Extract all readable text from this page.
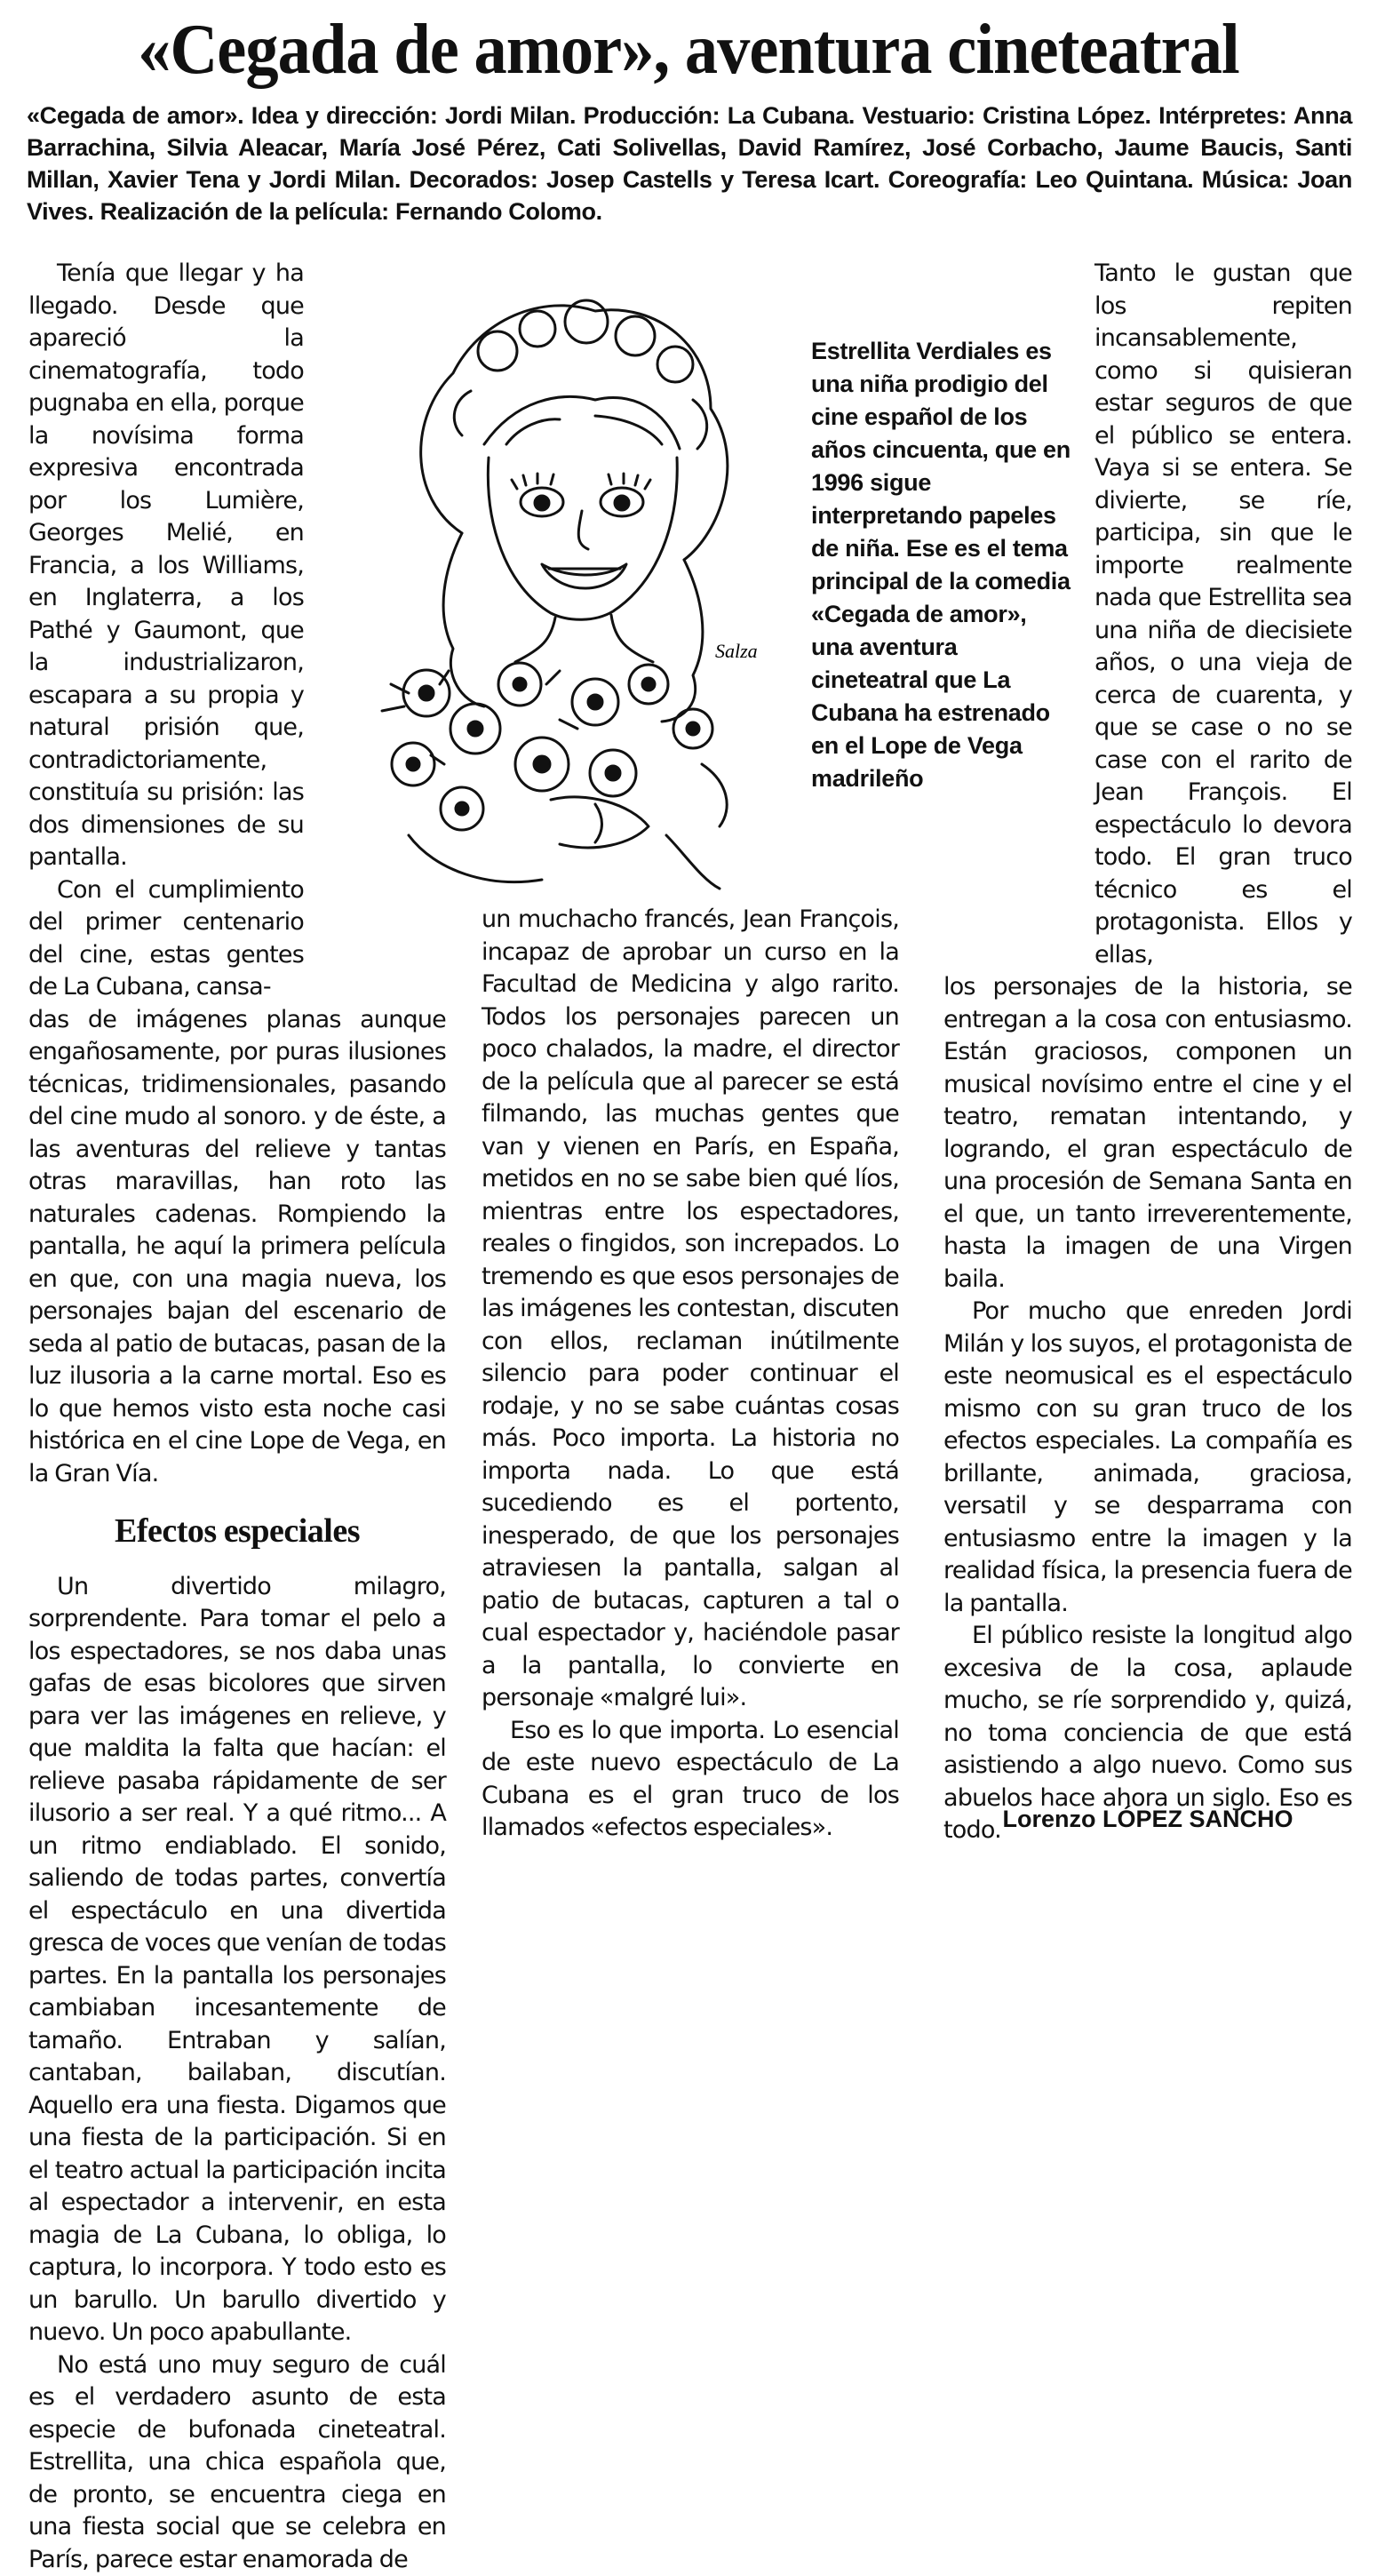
«Cegada de amor», aventura cineteatral
«Cegada de amor». Idea y dirección: Jordi Milan. Producción: La Cubana. Vestuario: Cristina López. Intérpretes: Anna Barrachina, Silvia Aleacar, María José Pérez, Cati Solivellas, David Ramírez, José Corbacho, Jaume Baucis, Santi Millan, Xavier Tena y Jordi Milan. Decorados: Josep Castells y Teresa Icart. Coreografía: Leo Quintana. Música: Joan Vives. Realización de la película: Fernando Colomo.
Salza
Estrellita Verdiales es una niña prodigio del cine español de los años cincuenta, que en 1996 sigue interpretando papeles de niña. Ese es el tema principal de la comedia «Cegada de amor», una aventura cineteatral que La Cubana ha estrenado en el Lope de Vega madrileño

Tenía que llegar y ha llegado. Desde que apareció la cinematografía, todo pugnaba en ella, porque la novísima forma expresiva encontrada por los Lumière, Georges Melié, en Francia, a los Williams, en Inglaterra, a los Pathé y Gaumont, que la industrializaron, escapara a su propia y natural prisión que, contradictoriamente, constituía su prisión: las dos dimensiones de su pantalla.

Con el cumplimiento del primer centenario del cine, estas gentes de La Cubana, cansa-

das de imágenes planas aunque engañosamente, por puras ilusiones técnicas, tridimensionales, pasando del cine mudo al sonoro. y de éste, a las aventuras del relieve y tantas otras maravillas, han roto las naturales cadenas. Rompiendo la pantalla, he aquí la primera película en que, con una magia nueva, los personajes bajan del escenario de seda al patio de butacas, pasan de la luz ilusoria a la carne mortal. Eso es lo que hemos visto esta noche casi histórica en el cine Lope de Vega, en la Gran Vía.

Efectos especiales

Un divertido milagro, sorprendente. Para tomar el pelo a los espectadores, se nos daba unas gafas de esas bicolores que sirven para ver las imágenes en relieve, y que maldita la falta que hacían: el relieve pasaba rápidamente de ser ilusorio a ser real. Y a qué ritmo... A un ritmo endiablado. El sonido, saliendo de todas partes, convertía el espectáculo en una divertida gresca de voces que venían de todas partes. En la pantalla los personajes cambiaban incesantemente de tamaño. Entraban y salían, cantaban, bailaban, discutían. Aquello era una fiesta. Digamos que una fiesta de la participación. Si en el teatro actual la participación incita al espectador a intervenir, en esta magia de La Cubana, lo obliga, lo captura, lo incorpora. Y todo esto es un barullo. Un barullo divertido y nuevo. Un poco apabullante.

No está uno muy seguro de cuál es el verdadero asunto de esta especie de bufonada cineteatral. Estrellita, una chica española que, de pronto, se encuentra ciega en una fiesta social que se celebra en París, parece estar enamorada de

un muchacho francés, Jean François, incapaz de aprobar un curso en la Facultad de Medicina y algo rarito. Todos los personajes parecen un poco chalados, la madre, el director de la película que al parecer se está filmando, las muchas gentes que van y vienen en París, en España, metidos en no se sabe bien qué líos, mientras entre los espectadores, reales o fingidos, son increpados. Lo tremendo es que esos personajes de las imágenes les contestan, discuten con ellos, reclaman inútilmente silencio para poder continuar el rodaje, y no se sabe cuántas cosas más. Poco importa. La historia no importa nada. Lo que está sucediendo es el portento, inesperado, de que los personajes atraviesen la pantalla, salgan al patio de butacas, capturen a tal o cual espectador y, haciéndole pasar a la pantalla, lo convierte en personaje «malgré lui».

Eso es lo que importa. Lo esencial de este nuevo espectáculo de La Cubana es el gran truco de los llamados «efectos especiales».

Tanto le gustan que los repiten incansablemente, como si quisieran estar seguros de que el público se entera. Vaya si se entera. Se divierte, se ríe, participa, sin que le importe realmente nada que Estrellita sea una niña de diecisiete años, o una vieja de cerca de cuarenta, y que se case o no se case con el rarito de Jean François. El espectáculo lo devora todo. El gran truco técnico es el protagonista. Ellos y ellas,

los personajes de la historia, se entregan a la cosa con entusiasmo. Están graciosos, componen un musical novísimo entre el cine y el teatro, rematan intentando, y logrando, el gran espectáculo de una procesión de Semana Santa en el que, un tanto irreverentemente, hasta la imagen de una Virgen baila.

Por mucho que enreden Jordi Milán y los suyos, el protagonista de este neomusical es el espectáculo mismo con su gran truco de los efectos especiales. La compañía es brillante, animada, graciosa, versatil y se desparrama con entusiasmo entre la imagen y la realidad física, la presencia fuera de la pantalla.

El público resiste la longitud algo excesiva de la cosa, aplaude mucho, se ríe sorprendido y, quizá, no toma conciencia de que está asistiendo a algo nuevo. Como sus abuelos hace ahora un siglo. Eso es todo. Lorenzo LÓPEZ SANCHO
